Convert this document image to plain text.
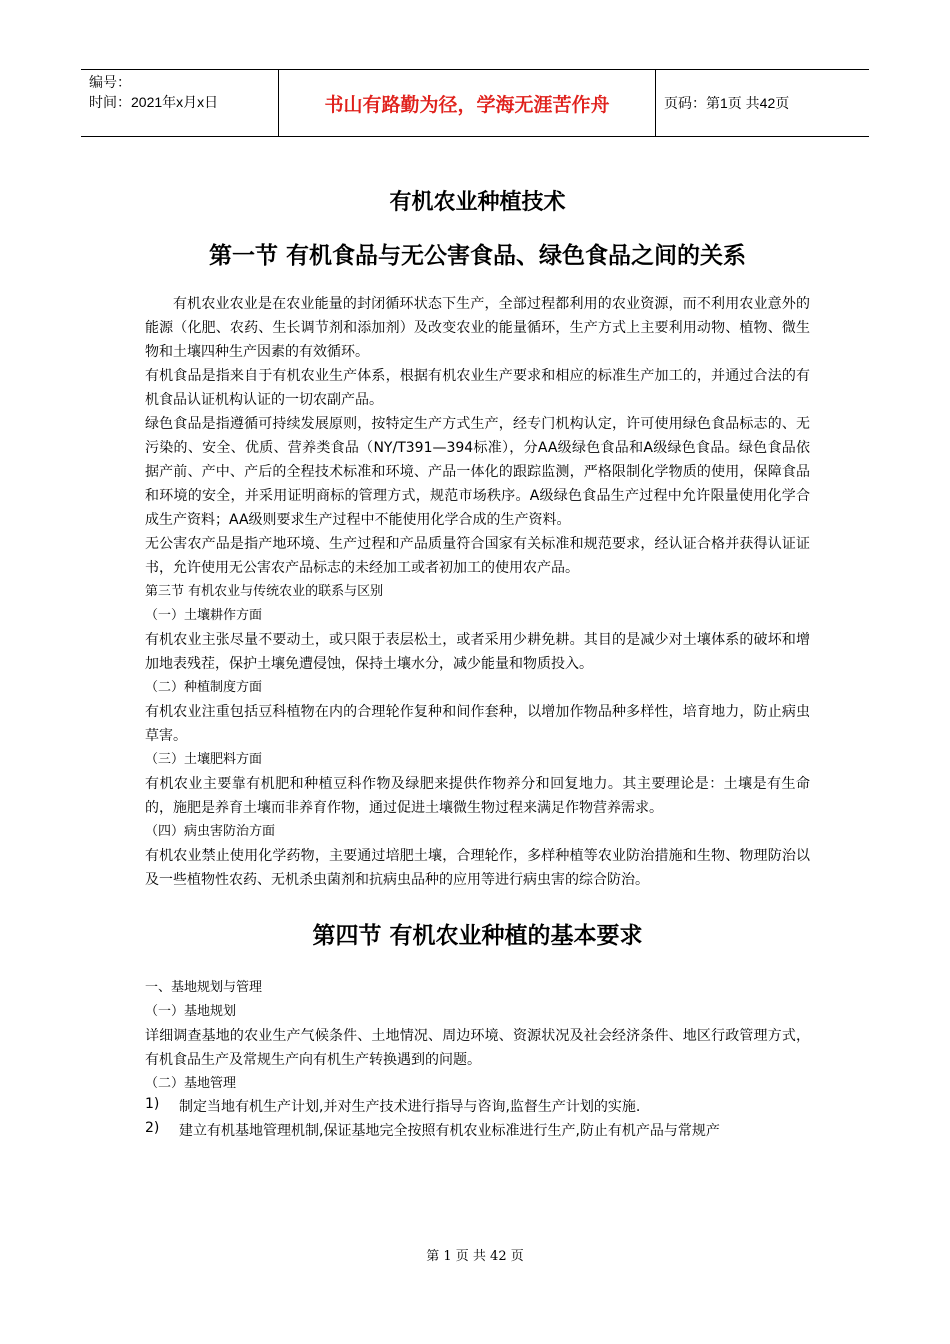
编号：
时间：2021年x月x日	书山有路勤为径，学海无涯苦作舟	页码：第1页 共42页
有机农业种植技术
第一节 有机食品与无公害食品、绿色食品之间的关系

有机农业农业是在农业能量的封闭循环状态下生产，全部过程都利用的农业资源，而不利用农业意外的能源（化肥、农药、生长调节剂和添加剂）及改变农业的能量循环，生产方式上主要利用动物、植物、微生物和土壤四种生产因素的有效循环。

有机食品是指来自于有机农业生产体系，根据有机农业生产要求和相应的标准生产加工的，并通过合法的有机食品认证机构认证的一切农副产品。

绿色食品是指遵循可持续发展原则，按特定生产方式生产，经专门机构认定，许可使用绿色食品标志的、无污染的、安全、优质、营养类食品（NY/T391—394标准），分AA级绿色食品和A级绿色食品。绿色食品依据产前、产中、产后的全程技术标准和环境、产品一体化的跟踪监测，严格限制化学物质的使用，保障食品和环境的安全，并采用证明商标的管理方式，规范市场秩序。A级绿色食品生产过程中允许限量使用化学合成生产资料；AA级则要求生产过程中不能使用化学合成的生产资料。

无公害农产品是指产地环境、生产过程和产品质量符合国家有关标准和规范要求，经认证合格并获得认证证书，允许使用无公害农产品标志的未经加工或者初加工的使用农产品。

第三节 有机农业与传统农业的联系与区别

（一）土壤耕作方面

有机农业主张尽量不要动土，或只限于表层松土，或者采用少耕免耕。其目的是减少对土壤体系的破坏和增加地表残茬，保护土壤免遭侵蚀，保持土壤水分，减少能量和物质投入。

（二）种植制度方面

有机农业注重包括豆科植物在内的合理轮作复种和间作套种，以增加作物品种多样性，培育地力，防止病虫草害。

（三）土壤肥料方面

有机农业主要靠有机肥和种植豆科作物及绿肥来提供作物养分和回复地力。其主要理论是：土壤是有生命的，施肥是养育土壤而非养育作物，通过促进土壤微生物过程来满足作物营养需求。

（四）病虫害防治方面

有机农业禁止使用化学药物，主要通过培肥土壤，合理轮作，多样种植等农业防治措施和生物、物理防治以及一些植物性农药、无机杀虫菌剂和抗病虫品种的应用等进行病虫害的综合防治。

第四节 有机农业种植的基本要求

一、基地规划与管理

（一）基地规划

详细调查基地的农业生产气候条件、土地情况、周边环境、资源状况及社会经济条件、地区行政管理方式，有机食品生产及常规生产向有机生产转换遇到的问题。

（二）基地管理

1)	制定当地有机生产计划,并对生产技术进行指导与咨询,监督生产计划的实施.
2)	建立有机基地管理机制,保证基地完全按照有机农业标准进行生产,防止有机产品与常规产
第 1 页 共 42 页
